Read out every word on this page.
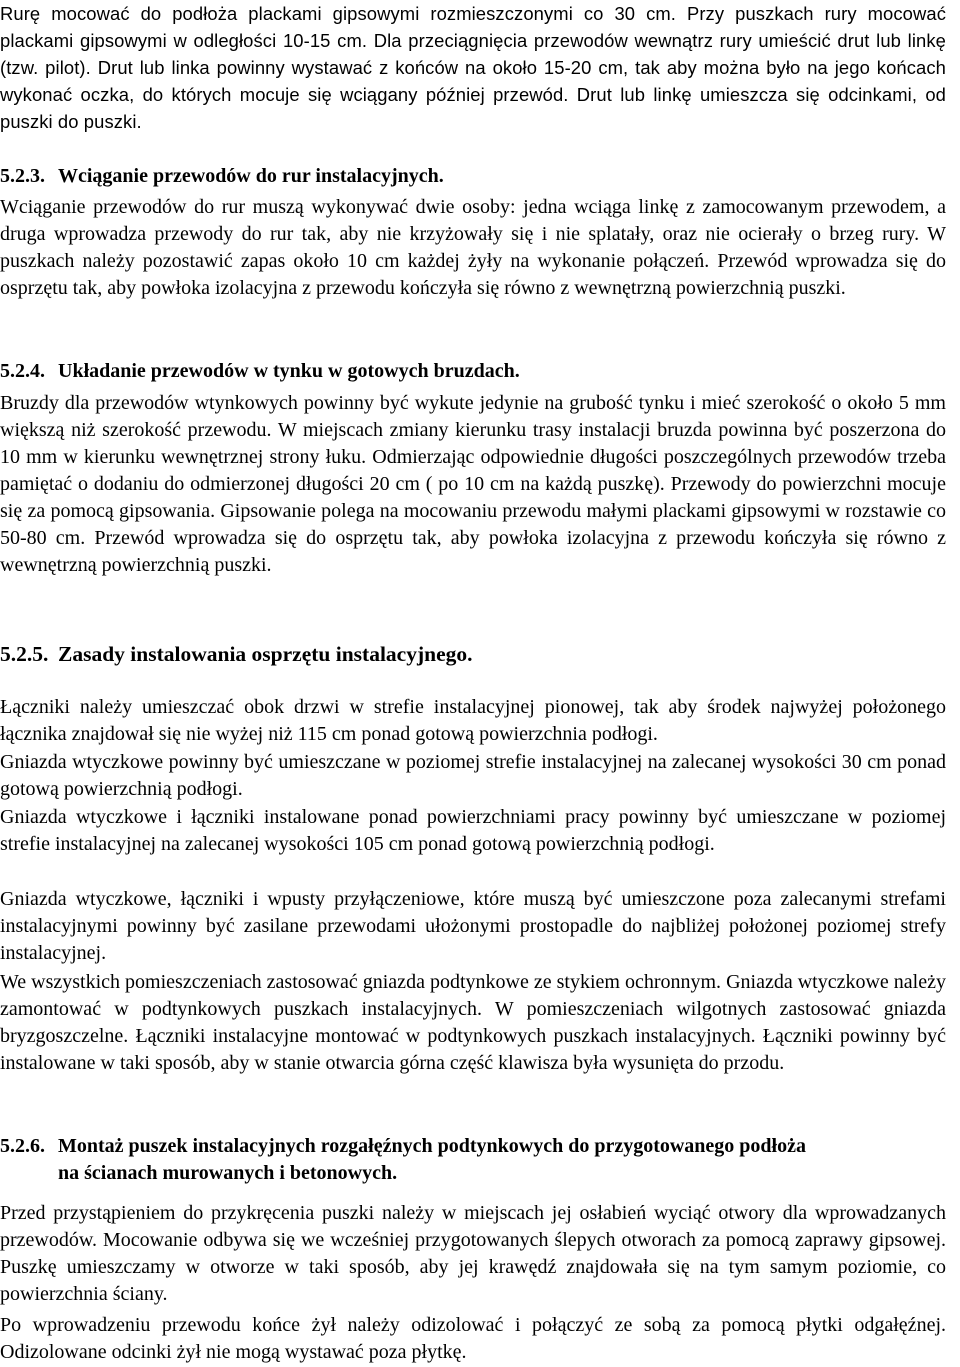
Rurę mocować do podłoża plackami gipsowymi rozmieszczonymi co 30 cm. Przy puszkach rury mocować plackami gipsowymi w odległości 10-15 cm. Dla przeciągnięcia przewodów wewnątrz rury umieścić drut lub linkę (tzw. pilot). Drut lub linka powinny wystawać z końców na około 15-20 cm, tak aby można było na jego końcach wykonać oczka, do których mocuje się wciągany później przewód. Drut lub linkę umieszcza się odcinkami, od puszki do puszki.

5.2.3. Wciąganie przewodów do rur instalacyjnych.

Wciąganie przewodów do rur muszą wykonywać dwie osoby: jedna wciąga linkę z zamocowanym przewodem, a druga wprowadza przewody do rur tak, aby nie krzyżowały się i nie splatały, oraz nie ocierały o brzeg rury. W puszkach należy pozostawić zapas około 10 cm każdej żyły na wykonanie połączeń. Przewód wprowadza się do osprzętu tak, aby powłoka izolacyjna z przewodu kończyła się równo z wewnętrzną powierzchnią puszki.

5.2.4. Układanie przewodów w tynku w gotowych bruzdach.

Bruzdy dla przewodów wtynkowych powinny być wykute jedynie na grubość tynku i mieć szerokość o około 5 mm większą niż szerokość przewodu. W miejscach zmiany kierunku trasy instalacji bruzda powinna być poszerzona do 10 mm w kierunku wewnętrznej strony łuku. Odmierzając odpowiednie długości poszczególnych przewodów trzeba pamiętać o dodaniu do odmierzonej długości 20 cm ( po 10 cm na każdą puszkę). Przewody do powierzchni mocuje się za pomocą gipsowania. Gipsowanie polega na mocowaniu przewodu małymi plackami gipsowymi w rozstawie co 50-80 cm. Przewód wprowadza się do osprzętu tak, aby powłoka izolacyjna z przewodu kończyła się równo z wewnętrzną powierzchnią puszki.

5.2.5. Zasady instalowania osprzętu instalacyjnego.

Łączniki należy umieszczać obok drzwi w strefie instalacyjnej pionowej, tak aby środek najwyżej położonego łącznika znajdował się nie wyżej niż 115 cm ponad gotową powierzchnia podłogi.

Gniazda wtyczkowe powinny być umieszczane w poziomej strefie instalacyjnej na zalecanej wysokości 30 cm ponad gotową powierzchnią podłogi.

Gniazda wtyczkowe i łączniki instalowane ponad powierzchniami pracy powinny być umieszczane w poziomej strefie instalacyjnej na zalecanej wysokości 105 cm ponad gotową powierzchnią podłogi.

Gniazda wtyczkowe, łączniki i wpusty przyłączeniowe, które muszą być umieszczone poza zalecanymi strefami instalacyjnymi powinny być zasilane przewodami ułożonymi prostopadle do najbliżej położonej poziomej strefy instalacyjnej.

We wszystkich pomieszczeniach zastosować gniazda podtynkowe ze stykiem ochronnym. Gniazda wtyczkowe należy zamontować w podtynkowych puszkach instalacyjnych. W pomieszczeniach wilgotnych zastosować gniazda bryzgoszczelne. Łączniki instalacyjne montować w podtynkowych puszkach instalacyjnych. Łączniki powinny być instalowane w taki sposób, aby w stanie otwarcia górna część klawisza była wysunięta do przodu.

5.2.6. Montaż puszek instalacyjnych rozgałęźnych podtynkowych do przygotowanego podłoża
na ścianach murowanych i betonowych.

Przed przystąpieniem do przykręcenia puszki należy w miejscach jej osłabień wyciąć otwory dla wprowadzanych przewodów. Mocowanie odbywa się we wcześniej przygotowanych ślepych otworach za pomocą zaprawy gipsowej. Puszkę umieszczamy w otworze w taki sposób, aby jej krawędź znajdowała się na tym samym poziomie, co powierzchnia ściany.

Po wprowadzeniu przewodu końce żył należy odizolować i połączyć ze sobą za pomocą płytki odgałęźnej. Odizolowane odcinki żył nie mogą wystawać poza płytkę.
